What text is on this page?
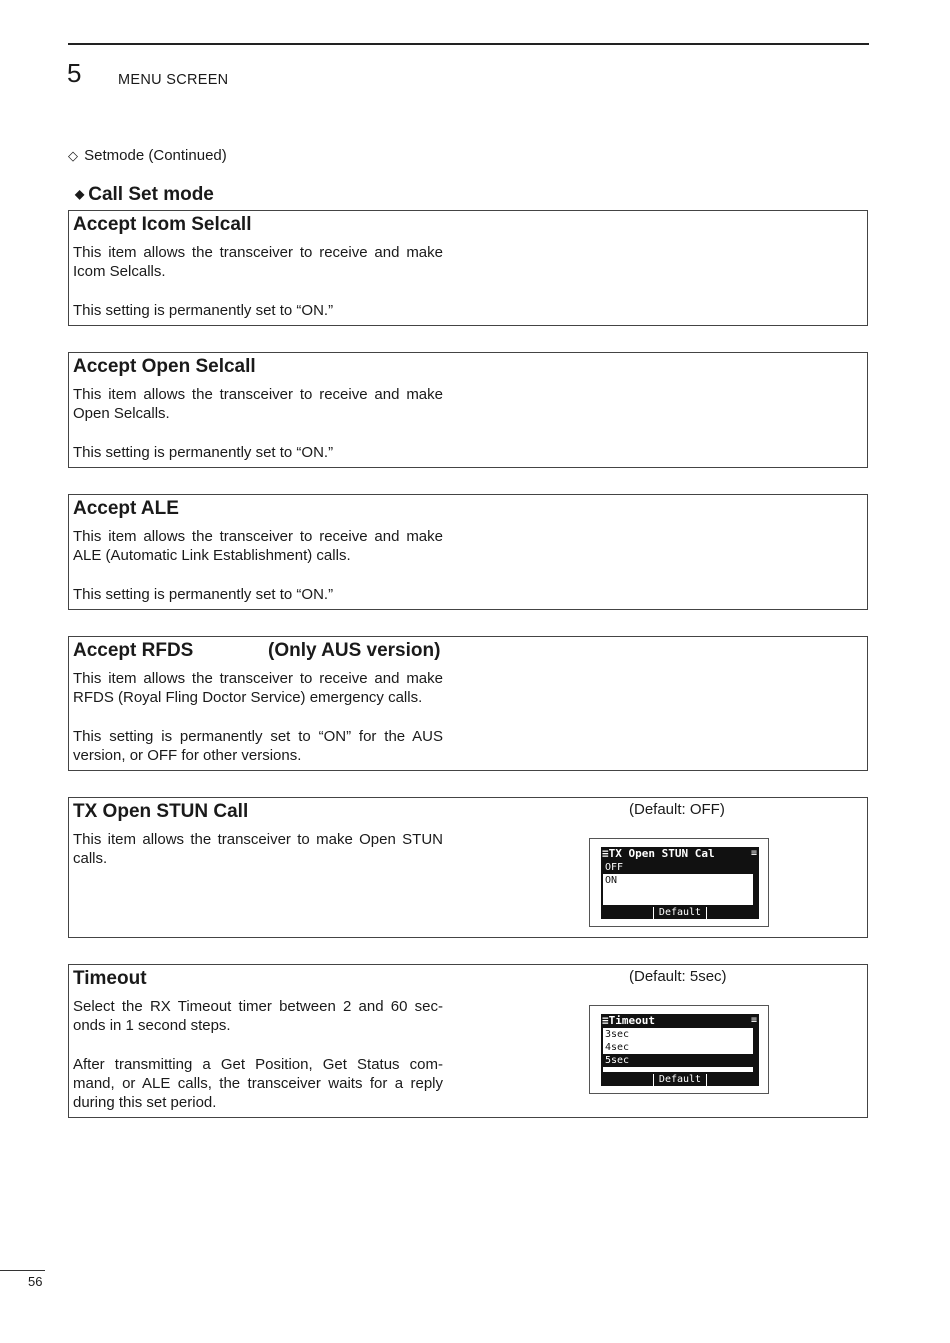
5	MENU SCREEN
◇ Setmode (Continued)
◆ Call Set mode
Accept Icom Selcall

This item allows the transceiver to receive and make Icom Selcalls.

This setting is permanently set to “ON.”

Accept Open Selcall

This item allows the transceiver to receive and make Open Selcalls.

This setting is permanently set to “ON.”

Accept ALE

This item allows the transceiver to receive and make ALE (Automatic Link Establishment) calls.

This setting is permanently set to “ON.”

Accept RFDS	(Only AUS version)

This item allows the transceiver to receive and make RFDS (Royal Fling Doctor Service) emergency calls.

This setting is permanently set to “ON” for the AUS version, or OFF for other versions.

TX Open STUN Call	(Default: OFF)

This item allows the transceiver to make Open STUN calls.	≡TX Open STUN Cal	≡
OFF
ON
Default
Timeout	(Default: 5sec)

Select the RX Timeout timer between 2 and 60 sec-onds in 1 second steps.

After transmitting a Get Position, Get Status com-mand, or ALE calls, the transceiver waits for a reply during this set period.

≡Timeout	≡
3sec
4sec
5sec
Default
56
